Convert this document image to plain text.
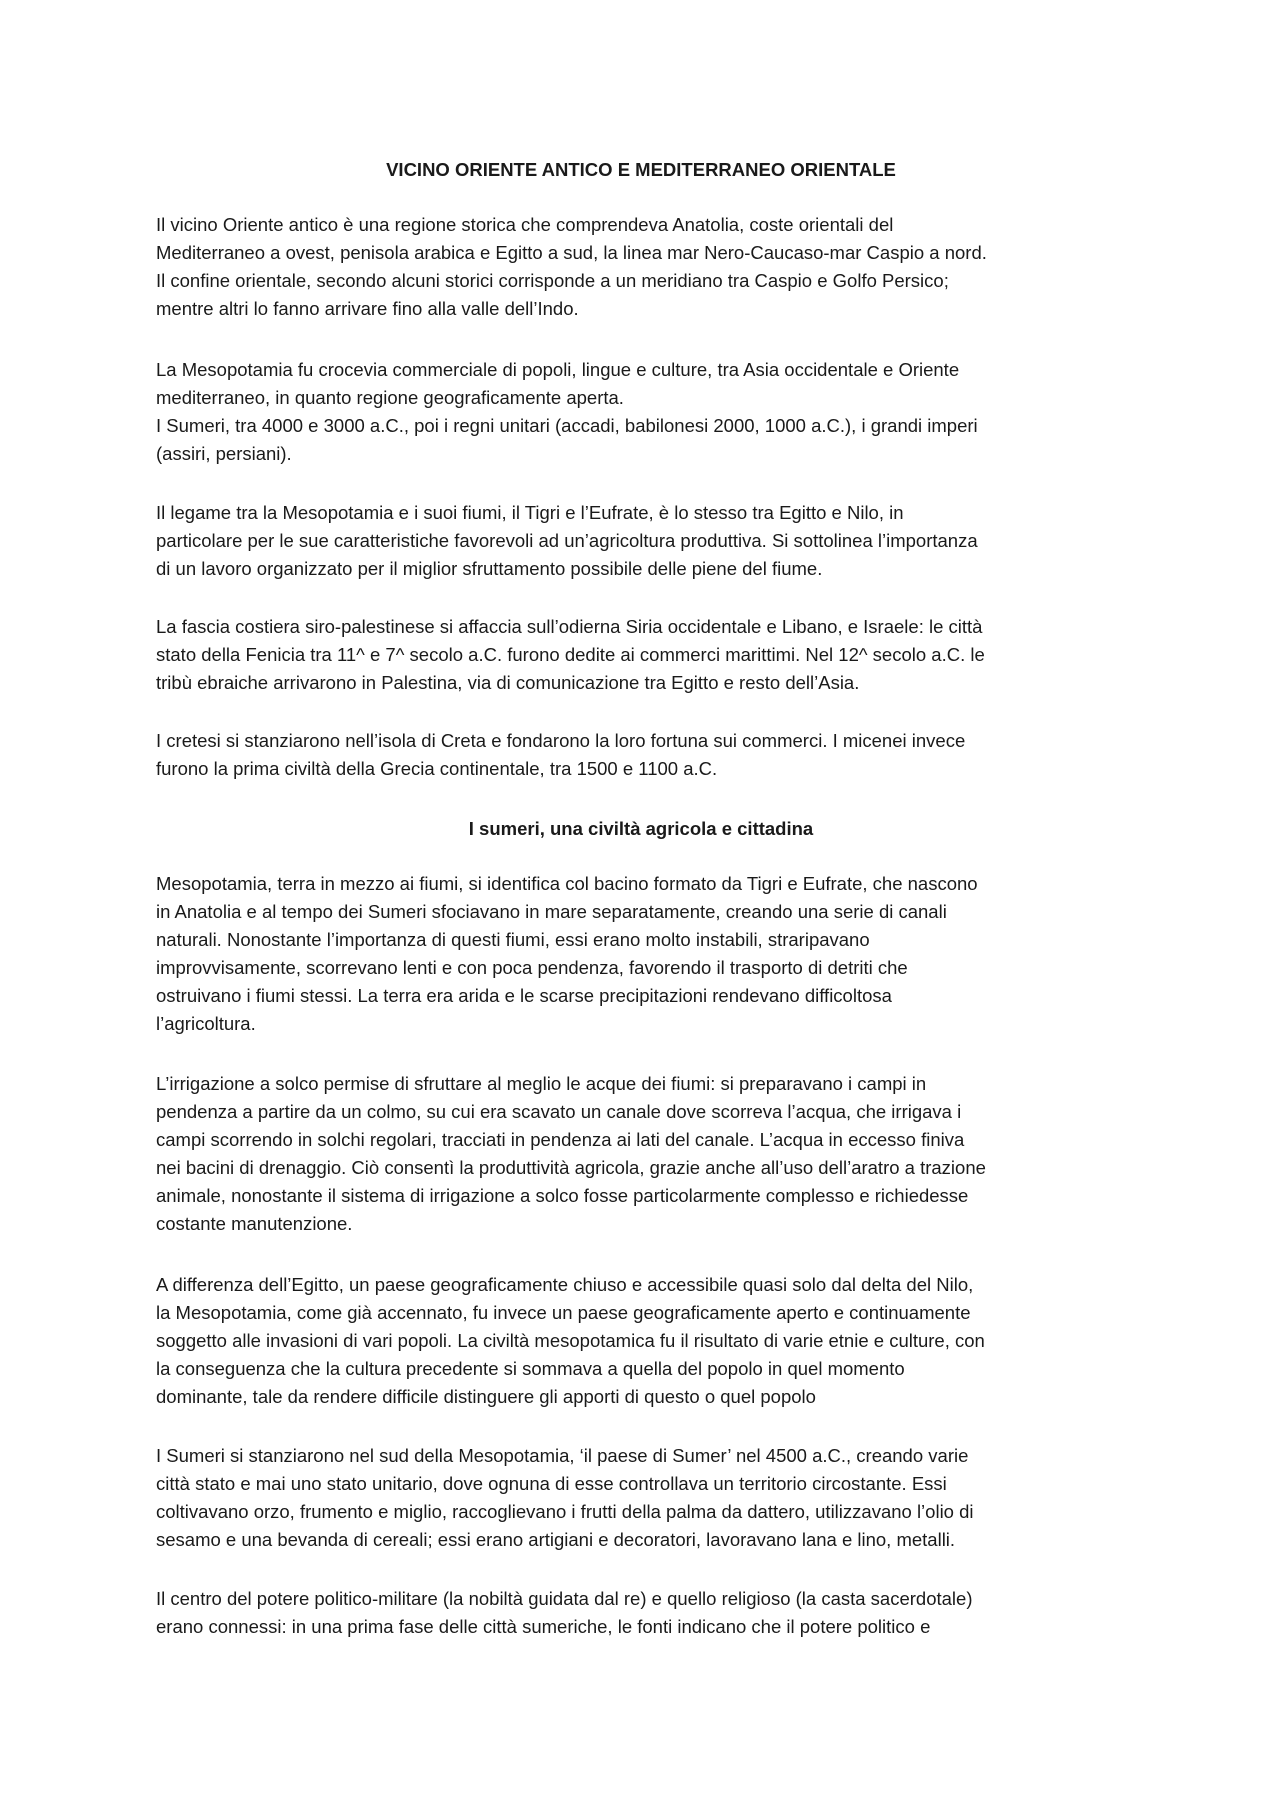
VICINO ORIENTE ANTICO E MEDITERRANEO ORIENTALE

Il vicino Oriente antico è una regione storica che comprendeva Anatolia, coste orientali del
Mediterraneo a ovest, penisola arabica e Egitto a sud, la linea mar Nero-Caucaso-mar Caspio a nord.
Il confine orientale, secondo alcuni storici corrisponde a un meridiano tra Caspio e Golfo Persico;
mentre altri lo fanno arrivare fino alla valle dell’Indo.

La Mesopotamia fu crocevia commerciale di popoli, lingue e culture, tra Asia occidentale e Oriente
mediterraneo, in quanto regione geograficamente aperta.
I Sumeri, tra 4000 e 3000 a.C., poi i regni unitari (accadi, babilonesi 2000, 1000 a.C.), i grandi imperi
(assiri, persiani).

Il legame tra la Mesopotamia e i suoi fiumi, il Tigri e l’Eufrate, è lo stesso tra Egitto e Nilo, in
particolare per le sue caratteristiche favorevoli ad un’agricoltura produttiva. Si sottolinea l’importanza
di un lavoro organizzato per il miglior sfruttamento possibile delle piene del fiume.

La fascia costiera siro-palestinese si affaccia sull’odierna Siria occidentale e Libano, e Israele: le città
stato della Fenicia tra 11^ e 7^ secolo a.C. furono dedite ai commerci marittimi. Nel 12^ secolo a.C. le
tribù ebraiche arrivarono in Palestina, via di comunicazione tra Egitto e resto dell’Asia.

I cretesi si stanziarono nell’isola di Creta e fondarono la loro fortuna sui commerci. I micenei invece
furono la prima civiltà della Grecia continentale, tra 1500 e 1100 a.C.

I sumeri, una civiltà agricola e cittadina

Mesopotamia, terra in mezzo ai fiumi, si identifica col bacino formato da Tigri e Eufrate, che nascono
in Anatolia e al tempo dei Sumeri sfociavano in mare separatamente, creando una serie di canali
naturali. Nonostante l’importanza di questi fiumi, essi erano molto instabili, straripavano
improvvisamente, scorrevano lenti e con poca pendenza, favorendo il trasporto di detriti che
ostruivano i fiumi stessi. La terra era arida e le scarse precipitazioni rendevano difficoltosa
l’agricoltura.

L’irrigazione a solco permise di sfruttare al meglio le acque dei fiumi: si preparavano i campi in
pendenza a partire da un colmo, su cui era scavato un canale dove scorreva l’acqua, che irrigava i
campi scorrendo in solchi regolari, tracciati in pendenza ai lati del canale. L’acqua in eccesso finiva
nei bacini di drenaggio. Ciò consentì la produttività agricola, grazie anche all’uso dell’aratro a trazione
animale, nonostante il sistema di irrigazione a solco fosse particolarmente complesso e richiedesse
costante manutenzione.

A differenza dell’Egitto, un paese geograficamente chiuso e accessibile quasi solo dal delta del Nilo,
la Mesopotamia, come già accennato, fu invece un paese geograficamente aperto e continuamente
soggetto alle invasioni di vari popoli. La civiltà mesopotamica fu il risultato di varie etnie e culture, con
la conseguenza che la cultura precedente si sommava a quella del popolo in quel momento
dominante, tale da rendere difficile distinguere gli apporti di questo o quel popolo

I Sumeri si stanziarono nel sud della Mesopotamia, ‘il paese di Sumer’ nel 4500 a.C., creando varie
città stato e mai uno stato unitario, dove ognuna di esse controllava un territorio circostante. Essi
coltivavano orzo, frumento e miglio, raccoglievano i frutti della palma da dattero, utilizzavano l’olio di
sesamo e una bevanda di cereali; essi erano artigiani e decoratori, lavoravano lana e lino, metalli.

Il centro del potere politico-militare (la nobiltà guidata dal re) e quello religioso (la casta sacerdotale)
erano connessi: in una prima fase delle città sumeriche, le fonti indicano che il potere politico e
